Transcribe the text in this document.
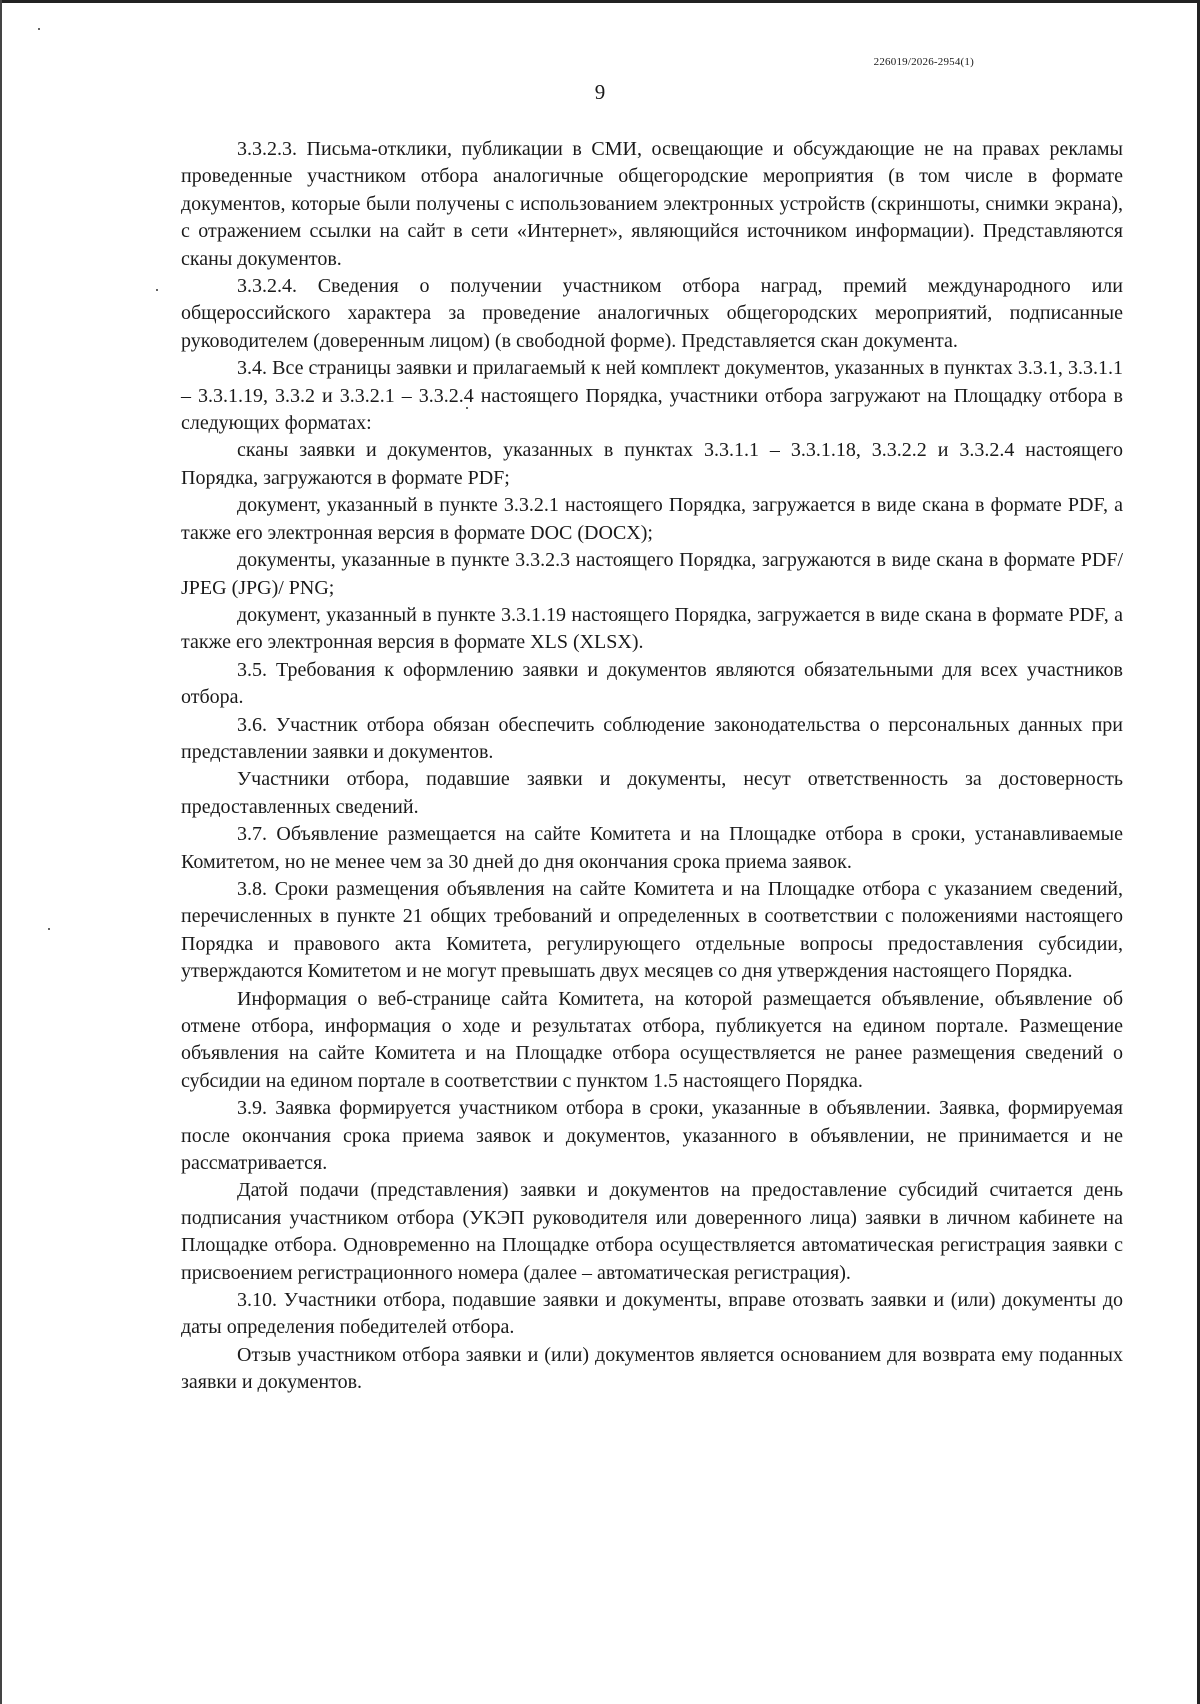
226019/2026-2954(1)
9

3.3.2.3. Письма-отклики, публикации в СМИ, освещающие и обсуждающие не на правах рекламы проведенные участником отбора аналогичные общегородские мероприятия (в том числе в формате документов, которые были получены с использованием электронных устройств (скриншоты, снимки экрана), с отражением ссылки на сайт в сети «Интернет», являющийся источником информации). Представляются сканы документов.

3.3.2.4. Сведения о получении участником отбора наград, премий международного или общероссийского характера за проведение аналогичных общегородских мероприятий, подписанные руководителем (доверенным лицом) (в свободной форме). Представляется скан документа.

3.4. Все страницы заявки и прилагаемый к ней комплект документов, указанных в пунктах 3.3.1, 3.3.1.1 – 3.3.1.19, 3.3.2 и 3.3.2.1 – 3.3.2.4 настоящего Порядка, участники отбора загружают на Площадку отбора в следующих форматах:

сканы заявки и документов, указанных в пунктах 3.3.1.1 – 3.3.1.18, 3.3.2.2 и 3.3.2.4 настоящего Порядка, загружаются в формате PDF;

документ, указанный в пункте 3.3.2.1 настоящего Порядка, загружается в виде скана в формате PDF, а также его электронная версия в формате DOC (DOCX);

документы, указанные в пункте 3.3.2.3 настоящего Порядка, загружаются в виде скана в формате PDF/ JPEG (JPG)/ PNG;

документ, указанный в пункте 3.3.1.19 настоящего Порядка, загружается в виде скана в формате PDF, а также его электронная версия в формате XLS (XLSX).

3.5. Требования к оформлению заявки и документов являются обязательными для всех участников отбора.

3.6. Участник отбора обязан обеспечить соблюдение законодательства о персональных данных при представлении заявки и документов.

Участники отбора, подавшие заявки и документы, несут ответственность за достоверность предоставленных сведений.

3.7. Объявление размещается на сайте Комитета и на Площадке отбора в сроки, устанавливаемые Комитетом, но не менее чем за 30 дней до дня окончания срока приема заявок.

3.8. Сроки размещения объявления на сайте Комитета и на Площадке отбора с указанием сведений, перечисленных в пункте 21 общих требований и определенных в соответствии с положениями настоящего Порядка и правового акта Комитета, регулирующего отдельные вопросы предоставления субсидии, утверждаются Комитетом и не могут превышать двух месяцев со дня утверждения настоящего Порядка.

Информация о веб-странице сайта Комитета, на которой размещается объявление, объявление об отмене отбора, информация о ходе и результатах отбора, публикуется на едином портале. Размещение объявления на сайте Комитета и на Площадке отбора осуществляется не ранее размещения сведений о субсидии на едином портале в соответствии с пунктом 1.5 настоящего Порядка.

3.9. Заявка формируется участником отбора в сроки, указанные в объявлении. Заявка, формируемая после окончания срока приема заявок и документов, указанного в объявлении, не принимается и не рассматривается.

Датой подачи (представления) заявки и документов на предоставление субсидий считается день подписания участником отбора (УКЭП руководителя или доверенного лица) заявки в личном кабинете на Площадке отбора. Одновременно на Площадке отбора осуществляется автоматическая регистрация заявки с присвоением регистрационного номера (далее – автоматическая регистрация).

3.10. Участники отбора, подавшие заявки и документы, вправе отозвать заявки и (или) документы до даты определения победителей отбора.

Отзыв участником отбора заявки и (или) документов является основанием для возврата ему поданных заявки и документов.
